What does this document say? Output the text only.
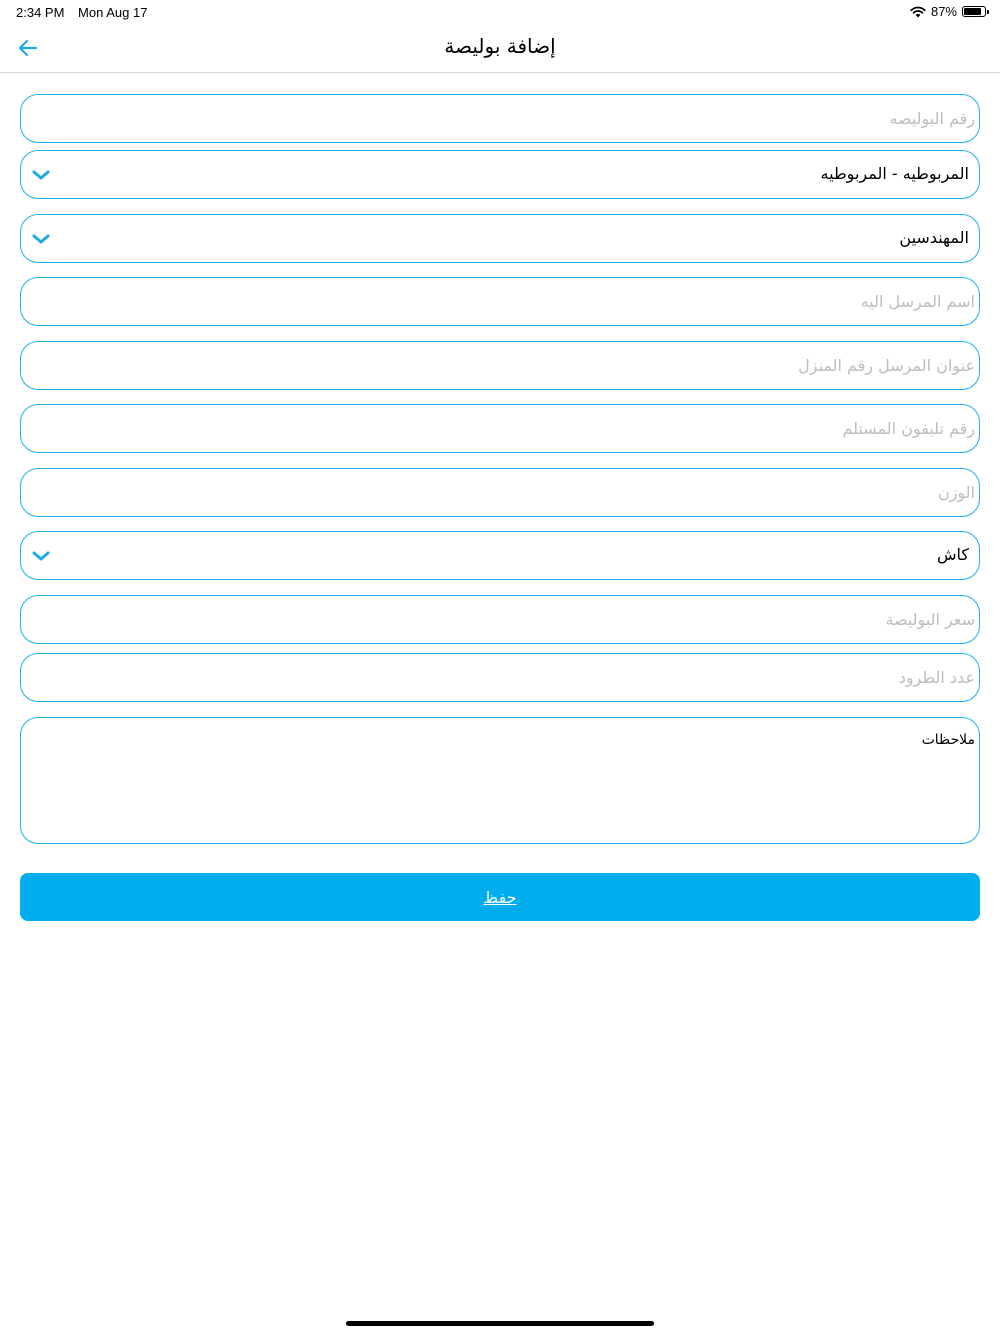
2:34 PM Mon Aug 17	87%
إضافة بوليصة
رقم البوليصه
المربوطيه - المربوطيه
المهندسين
اسم المرسل اليه
عنوان المرسل رقم المنزل
رقم تليفون المستلم
الوزن
كاش
سعر البوليصة
عدد الطرود
ملاحظات
حفظ
